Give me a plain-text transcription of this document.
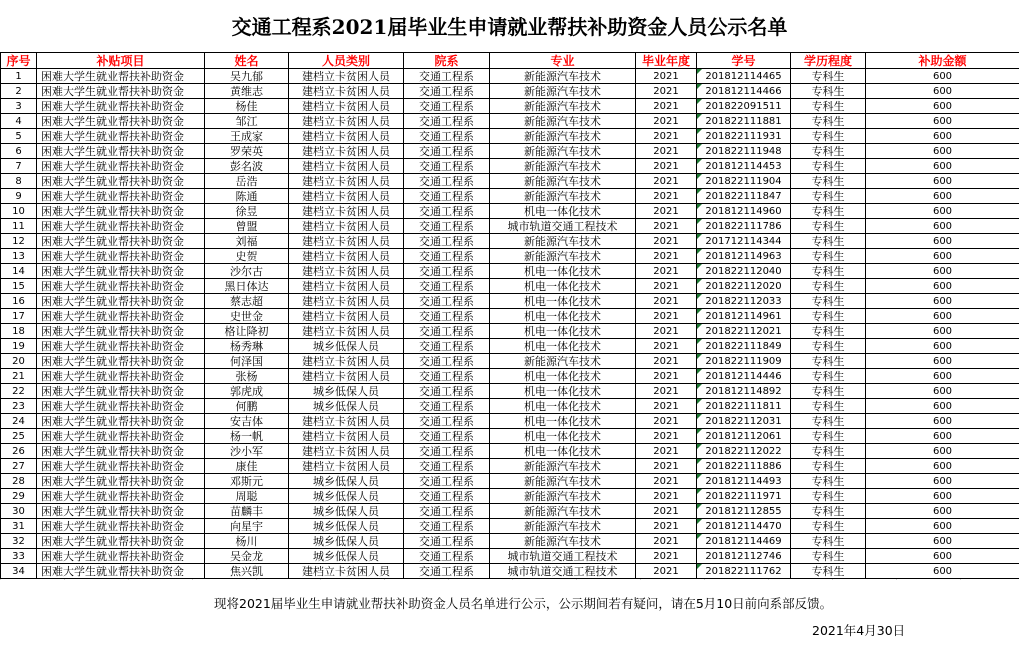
交通工程系2021届毕业生申请就业帮扶补助资金人员公示名单
序号	补贴项目	姓名	人员类别	院系	专业	毕业年度	学号	学历程度	补助金额
1	困难大学生就业帮扶补助资金	吴九郁	建档立卡贫困人员	交通工程系	新能源汽车技术	2021	201812114465	专科生	600
2	困难大学生就业帮扶补助资金	黄维志	建档立卡贫困人员	交通工程系	新能源汽车技术	2021	201812114466	专科生	600
3	困难大学生就业帮扶补助资金	杨佳	建档立卡贫困人员	交通工程系	新能源汽车技术	2021	201822091511	专科生	600
4	困难大学生就业帮扶补助资金	邹江	建档立卡贫困人员	交通工程系	新能源汽车技术	2021	201822111881	专科生	600
5	困难大学生就业帮扶补助资金	王成家	建档立卡贫困人员	交通工程系	新能源汽车技术	2021	201822111931	专科生	600
6	困难大学生就业帮扶补助资金	罗荣英	建档立卡贫困人员	交通工程系	新能源汽车技术	2021	201822111948	专科生	600
7	困难大学生就业帮扶补助资金	彭名波	建档立卡贫困人员	交通工程系	新能源汽车技术	2021	201812114453	专科生	600
8	困难大学生就业帮扶补助资金	岳浩	建档立卡贫困人员	交通工程系	新能源汽车技术	2021	201822111904	专科生	600
9	困难大学生就业帮扶补助资金	陈通	建档立卡贫困人员	交通工程系	新能源汽车技术	2021	201822111847	专科生	600
10	困难大学生就业帮扶补助资金	徐昱	建档立卡贫困人员	交通工程系	机电一体化技术	2021	201812114960	专科生	600
11	困难大学生就业帮扶补助资金	曾盟	建档立卡贫困人员	交通工程系	城市轨道交通工程技术	2021	201822111786	专科生	600
12	困难大学生就业帮扶补助资金	刘福	建档立卡贫困人员	交通工程系	新能源汽车技术	2021	201712114344	专科生	600
13	困难大学生就业帮扶补助资金	史贺	建档立卡贫困人员	交通工程系	新能源汽车技术	2021	201812114963	专科生	600
14	困难大学生就业帮扶补助资金	沙尔古	建档立卡贫困人员	交通工程系	机电一体化技术	2021	201822112040	专科生	600
15	困难大学生就业帮扶补助资金	黑日体达	建档立卡贫困人员	交通工程系	机电一体化技术	2021	201822112020	专科生	600
16	困难大学生就业帮扶补助资金	蔡志超	建档立卡贫困人员	交通工程系	机电一体化技术	2021	201822112033	专科生	600
17	困难大学生就业帮扶补助资金	史世金	建档立卡贫困人员	交通工程系	机电一体化技术	2021	201812114961	专科生	600
18	困难大学生就业帮扶补助资金	格让降初	建档立卡贫困人员	交通工程系	机电一体化技术	2021	201822112021	专科生	600
19	困难大学生就业帮扶补助资金	杨秀琳	城乡低保人员	交通工程系	机电一体化技术	2021	201822111849	专科生	600
20	困难大学生就业帮扶补助资金	何泽国	建档立卡贫困人员	交通工程系	新能源汽车技术	2021	201822111909	专科生	600
21	困难大学生就业帮扶补助资金	张杨	建档立卡贫困人员	交通工程系	机电一体化技术	2021	201812114446	专科生	600
22	困难大学生就业帮扶补助资金	郭虎成	城乡低保人员	交通工程系	机电一体化技术	2021	201812114892	专科生	600
23	困难大学生就业帮扶补助资金	何鹏	城乡低保人员	交通工程系	机电一体化技术	2021	201822111811	专科生	600
24	困难大学生就业帮扶补助资金	安吉体	建档立卡贫困人员	交通工程系	机电一体化技术	2021	201822112031	专科生	600
25	困难大学生就业帮扶补助资金	杨一帆	建档立卡贫困人员	交通工程系	机电一体化技术	2021	201812112061	专科生	600
26	困难大学生就业帮扶补助资金	沙小军	建档立卡贫困人员	交通工程系	机电一体化技术	2021	201822112022	专科生	600
27	困难大学生就业帮扶补助资金	康佳	建档立卡贫困人员	交通工程系	新能源汽车技术	2021	201822111886	专科生	600
28	困难大学生就业帮扶补助资金	邓斯元	城乡低保人员	交通工程系	新能源汽车技术	2021	201812114493	专科生	600
29	困难大学生就业帮扶补助资金	周聪	城乡低保人员	交通工程系	新能源汽车技术	2021	201822111971	专科生	600
30	困难大学生就业帮扶补助资金	苗麟丰	城乡低保人员	交通工程系	新能源汽车技术	2021	201812112855	专科生	600
31	困难大学生就业帮扶补助资金	向星宇	城乡低保人员	交通工程系	新能源汽车技术	2021	201812114470	专科生	600
32	困难大学生就业帮扶补助资金	杨川	城乡低保人员	交通工程系	新能源汽车技术	2021	201812114469	专科生	600
33	困难大学生就业帮扶补助资金	吴金龙	城乡低保人员	交通工程系	城市轨道交通工程技术	2021	201812112746	专科生	600
34	困难大学生就业帮扶补助资金	焦兴凯	建档立卡贫困人员	交通工程系	城市轨道交通工程技术	2021	201822111762	专科生	600
现将2021届毕业生申请就业帮扶补助资金人员名单进行公示，公示期间若有疑问，请在5月10日前向系部反馈。
2021年4月30日
